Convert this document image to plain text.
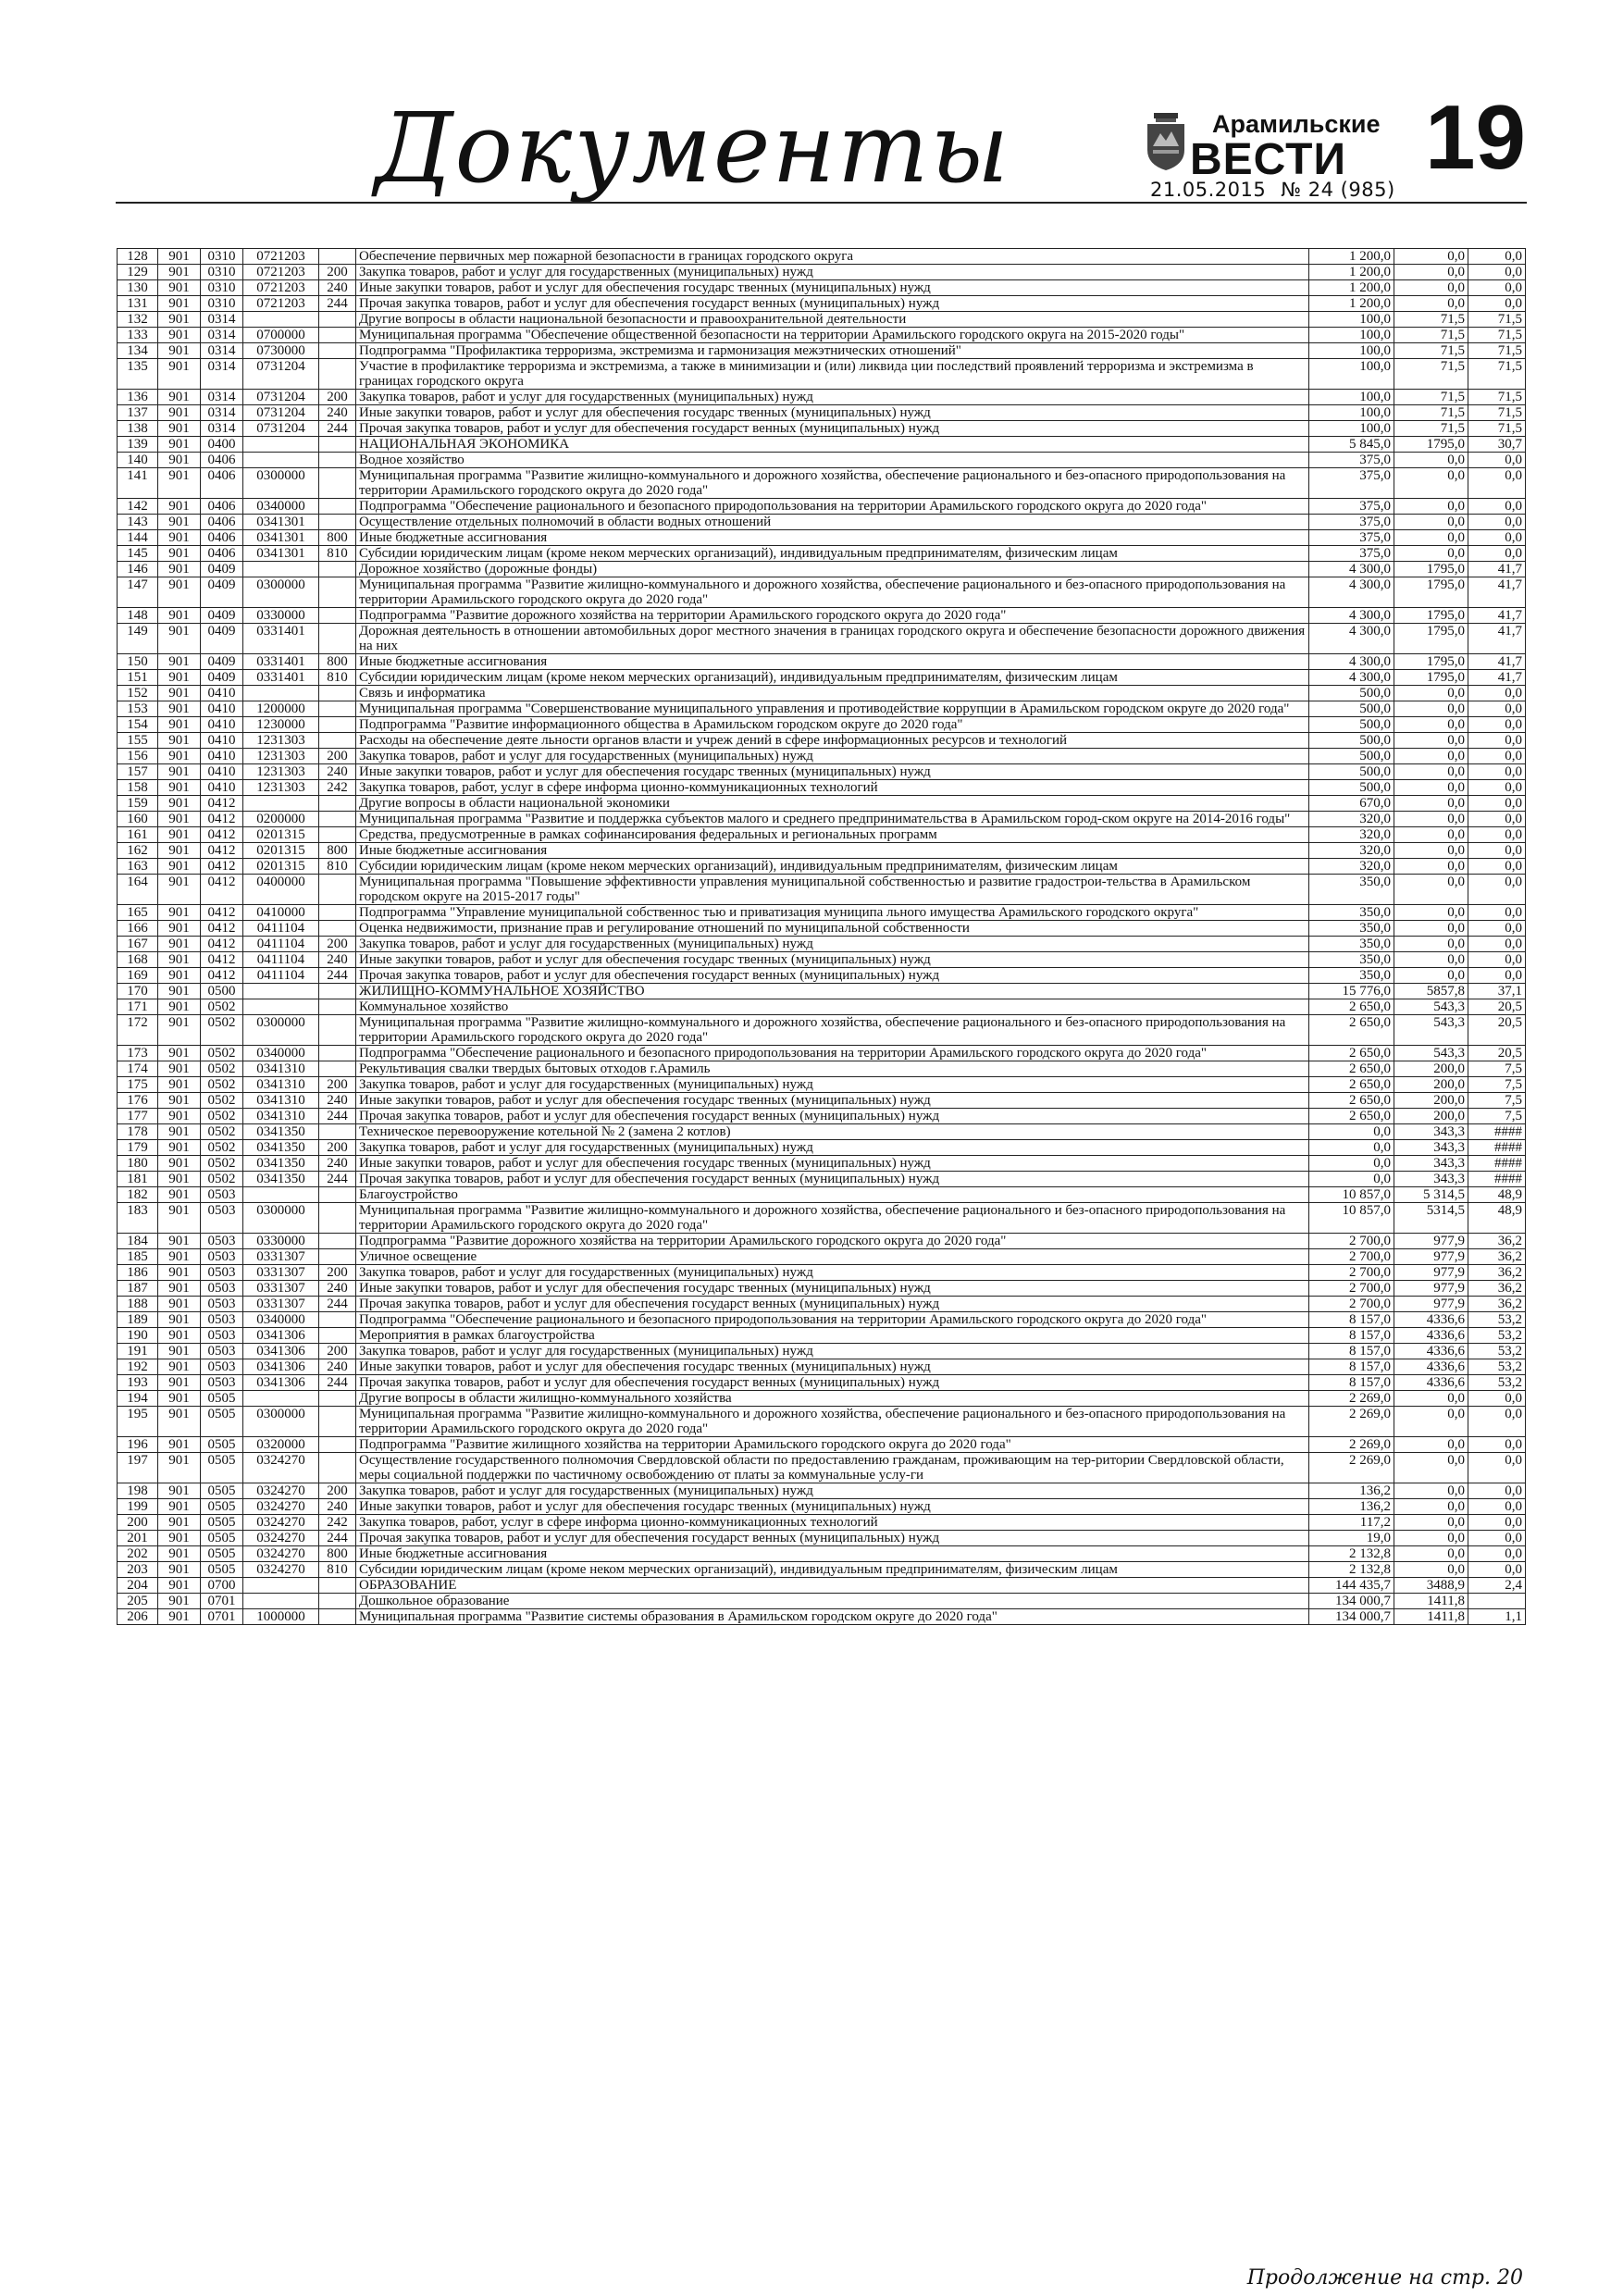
Документы	Арамильские
ВЕСТИ
21.05.2015 № 24 (985)
19
128	901	0310	0721203		Обеспечение первичных мер пожарной безопасности в границах городского округа	1 200,0	0,0	0,0
129	901	0310	0721203	200	Закупка товаров, работ и услуг для государственных (муниципальных) нужд	1 200,0	0,0	0,0
130	901	0310	0721203	240	Иные закупки товаров, работ и услуг для обеспечения государс твенных (муниципальных) нужд	1 200,0	0,0	0,0
131	901	0310	0721203	244	Прочая закупка товаров, работ и услуг для обеспечения государст венных (муниципальных) нужд	1 200,0	0,0	0,0
132	901	0314			Другие вопросы в области национальной безопасности и правоохранительной деятельности	100,0	71,5	71,5
133	901	0314	0700000		Муниципальная программа "Обеспечение общественной безопасности на территории Арамильского городского округа на 2015-2020 годы"	100,0	71,5	71,5
134	901	0314	0730000		Подпрограмма "Профилактика терроризма, экстремизма и гармонизация межэтнических отношений"	100,0	71,5	71,5
135	901	0314	0731204		Участие в профилактике терроризма и экстремизма, а также в минимизации и (или) ликвида ции последствий проявлений терроризма и экстремизма в границах городского округа	100,0	71,5	71,5
136	901	0314	0731204	200	Закупка товаров, работ и услуг для государственных (муниципальных) нужд	100,0	71,5	71,5
137	901	0314	0731204	240	Иные закупки товаров, работ и услуг для обеспечения государс твенных (муниципальных) нужд	100,0	71,5	71,5
138	901	0314	0731204	244	Прочая закупка товаров, работ и услуг для обеспечения государст венных (муниципальных) нужд	100,0	71,5	71,5
139	901	0400			НАЦИОНАЛЬНАЯ ЭКОНОМИКА	5 845,0	1795,0	30,7
140	901	0406			Водное хозяйство	375,0	0,0	0,0
141	901	0406	0300000		Муниципальная программа "Развитие жилищно-коммунального и дорожного хозяйства, обеспечение рационального и без-опасного природопользования на территории Арамильского городского округа до 2020 года"	375,0	0,0	0,0
142	901	0406	0340000		Подпрограмма "Обеспечение рационального и безопасного природопользования на территории Арамильского городского округа до 2020 года"	375,0	0,0	0,0
143	901	0406	0341301		Осуществление отдельных полномочий в области водных отношений	375,0	0,0	0,0
144	901	0406	0341301	800	Иные бюджетные ассигнования	375,0	0,0	0,0
145	901	0406	0341301	810	Субсидии юридическим лицам (кроме неком мерческих организаций), индивидуальным предпринимателям, физическим лицам	375,0	0,0	0,0
146	901	0409			Дорожное хозяйство (дорожные фонды)	4 300,0	1795,0	41,7
147	901	0409	0300000		Муниципальная программа "Развитие жилищно-коммунального и дорожного хозяйства, обеспечение рационального и без-опасного природопользования на территории Арамильского городского округа до 2020 года"	4 300,0	1795,0	41,7
148	901	0409	0330000		Подпрограмма "Развитие дорожного хозяйства на территории Арамильского городского округа до 2020 года"	4 300,0	1795,0	41,7
149	901	0409	0331401		Дорожная деятельность в отношении автомобильных дорог местного значения в границах городского округа и обеспечение безопасности дорожного движения на них	4 300,0	1795,0	41,7
150	901	0409	0331401	800	Иные бюджетные ассигнования	4 300,0	1795,0	41,7
151	901	0409	0331401	810	Субсидии юридическим лицам (кроме неком мерческих организаций), индивидуальным предпринимателям, физическим лицам	4 300,0	1795,0	41,7
152	901	0410			Связь и информатика	500,0	0,0	0,0
153	901	0410	1200000		Муниципальная программа "Совершенствование муниципального управления и противодействие коррупции в Арамильском городском округе до 2020 года"	500,0	0,0	0,0
154	901	0410	1230000		Подпрограмма "Развитие информационного общества в Арамильском городском округе до 2020 года"	500,0	0,0	0,0
155	901	0410	1231303		Расходы на обеспечение деяте льности органов власти и учреж дений в сфере информационных ресурсов и технологий	500,0	0,0	0,0
156	901	0410	1231303	200	Закупка товаров, работ и услуг для государственных (муниципальных) нужд	500,0	0,0	0,0
157	901	0410	1231303	240	Иные закупки товаров, работ и услуг для обеспечения государс твенных (муниципальных) нужд	500,0	0,0	0,0
158	901	0410	1231303	242	Закупка товаров, работ, услуг в сфере информа ционно-коммуникационных технологий	500,0	0,0	0,0
159	901	0412			Другие вопросы в области национальной экономики	670,0	0,0	0,0
160	901	0412	0200000		Муниципальная программа "Развитие и поддержка субъектов малого и среднего предпринимательства в Арамильском город-ском округе на 2014-2016 годы"	320,0	0,0	0,0
161	901	0412	0201315		Средства, предусмотренные в рамках софинансирования федеральных и региональных программ	320,0	0,0	0,0
162	901	0412	0201315	800	Иные бюджетные ассигнования	320,0	0,0	0,0
163	901	0412	0201315	810	Субсидии юридическим лицам (кроме неком мерческих организаций), индивидуальным предпринимателям, физическим лицам	320,0	0,0	0,0
164	901	0412	0400000		Муниципальная программа "Повышение эффективности управления муниципальной собственностью и развитие градострои-тельства в Арамильском городском округе на 2015-2017 годы"	350,0	0,0	0,0
165	901	0412	0410000		Подпрограмма "Управление муниципальной собственнос тью и приватизация муниципа льного имущества Арамильского городского округа"	350,0	0,0	0,0
166	901	0412	0411104		Оценка недвижимости, признание прав и регулирование отношений по муниципальной собственности	350,0	0,0	0,0
167	901	0412	0411104	200	Закупка товаров, работ и услуг для государственных (муниципальных) нужд	350,0	0,0	0,0
168	901	0412	0411104	240	Иные закупки товаров, работ и услуг для обеспечения государс твенных (муниципальных) нужд	350,0	0,0	0,0
169	901	0412	0411104	244	Прочая закупка товаров, работ и услуг для обеспечения государст венных (муниципальных) нужд	350,0	0,0	0,0
170	901	0500			ЖИЛИЩНО-КОММУНАЛЬНОЕ ХОЗЯЙСТВО	15 776,0	5857,8	37,1
171	901	0502			Коммунальное хозяйство	2 650,0	543,3	20,5
172	901	0502	0300000		Муниципальная программа "Развитие жилищно-коммунального и дорожного хозяйства, обеспечение рационального и без-опасного природопользования на территории Арамильского городского округа до 2020 года"	2 650,0	543,3	20,5
173	901	0502	0340000		Подпрограмма "Обеспечение рационального и безопасного природопользования на территории Арамильского городского округа до 2020 года"	2 650,0	543,3	20,5
174	901	0502	0341310		Рекультивация свалки твердых бытовых отходов г.Арамиль	2 650,0	200,0	7,5
175	901	0502	0341310	200	Закупка товаров, работ и услуг для государственных (муниципальных) нужд	2 650,0	200,0	7,5
176	901	0502	0341310	240	Иные закупки товаров, работ и услуг для обеспечения государс твенных (муниципальных) нужд	2 650,0	200,0	7,5
177	901	0502	0341310	244	Прочая закупка товаров, работ и услуг для обеспечения государст венных (муниципальных) нужд	2 650,0	200,0	7,5
178	901	0502	0341350		Техническое перевооружение котельной № 2 (замена 2 котлов)	0,0	343,3	####
179	901	0502	0341350	200	Закупка товаров, работ и услуг для государственных (муниципальных) нужд	0,0	343,3	####
180	901	0502	0341350	240	Иные закупки товаров, работ и услуг для обеспечения государс твенных (муниципальных) нужд	0,0	343,3	####
181	901	0502	0341350	244	Прочая закупка товаров, работ и услуг для обеспечения государст венных (муниципальных) нужд	0,0	343,3	####
182	901	0503			Благоустройство	10 857,0	5 314,5	48,9
183	901	0503	0300000		Муниципальная программа "Развитие жилищно-коммунального и дорожного хозяйства, обеспечение рационального и без-опасного природопользования на территории Арамильского городского округа до 2020 года"	10 857,0	5314,5	48,9
184	901	0503	0330000		Подпрограмма "Развитие дорожного хозяйства на территории Арамильского городского округа до 2020 года"	2 700,0	977,9	36,2
185	901	0503	0331307		Уличное освещение	2 700,0	977,9	36,2
186	901	0503	0331307	200	Закупка товаров, работ и услуг для государственных (муниципальных) нужд	2 700,0	977,9	36,2
187	901	0503	0331307	240	Иные закупки товаров, работ и услуг для обеспечения государс твенных (муниципальных) нужд	2 700,0	977,9	36,2
188	901	0503	0331307	244	Прочая закупка товаров, работ и услуг для обеспечения государст венных (муниципальных) нужд	2 700,0	977,9	36,2
189	901	0503	0340000		Подпрограмма "Обеспечение рационального и безопасного природопользования на территории Арамильского городского округа до 2020 года"	8 157,0	4336,6	53,2
190	901	0503	0341306		Мероприятия в рамках благоустройства	8 157,0	4336,6	53,2
191	901	0503	0341306	200	Закупка товаров, работ и услуг для государственных (муниципальных) нужд	8 157,0	4336,6	53,2
192	901	0503	0341306	240	Иные закупки товаров, работ и услуг для обеспечения государс твенных (муниципальных) нужд	8 157,0	4336,6	53,2
193	901	0503	0341306	244	Прочая закупка товаров, работ и услуг для обеспечения государст венных (муниципальных) нужд	8 157,0	4336,6	53,2
194	901	0505			Другие вопросы в области жилищно-коммунального хозяйства	2 269,0	0,0	0,0
195	901	0505	0300000		Муниципальная программа "Развитие жилищно-коммунального и дорожного хозяйства, обеспечение рационального и без-опасного природопользования на территории Арамильского городского округа до 2020 года"	2 269,0	0,0	0,0
196	901	0505	0320000		Подпрограмма "Развитие жилищного хозяйства на территории Арамильского городского округа до 2020 года"	2 269,0	0,0	0,0
197	901	0505	0324270		Осуществление государственного полномочия Свердловской области по предоставлению гражданам, проживающим на тер-ритории Свердловской области, меры социальной поддержки по частичному освобождению от платы за коммунальные услу-ги	2 269,0	0,0	0,0
198	901	0505	0324270	200	Закупка товаров, работ и услуг для государственных (муниципальных) нужд	136,2	0,0	0,0
199	901	0505	0324270	240	Иные закупки товаров, работ и услуг для обеспечения государс твенных (муниципальных) нужд	136,2	0,0	0,0
200	901	0505	0324270	242	Закупка товаров, работ, услуг в сфере информа ционно-коммуникационных технологий	117,2	0,0	0,0
201	901	0505	0324270	244	Прочая закупка товаров, работ и услуг для обеспечения государст венных (муниципальных) нужд	19,0	0,0	0,0
202	901	0505	0324270	800	Иные бюджетные ассигнования	2 132,8	0,0	0,0
203	901	0505	0324270	810	Субсидии юридическим лицам (кроме неком мерческих организаций), индивидуальным предпринимателям, физическим лицам	2 132,8	0,0	0,0
204	901	0700			ОБРАЗОВАНИЕ	144 435,7	3488,9	2,4
205	901	0701			Дошкольное образование	134 000,7	1411,8	
206	901	0701	1000000		Муниципальная программа "Развитие системы образования в Арамильском городском округе до 2020 года"	134 000,7	1411,8	1,1
Продолжение на стр. 20
